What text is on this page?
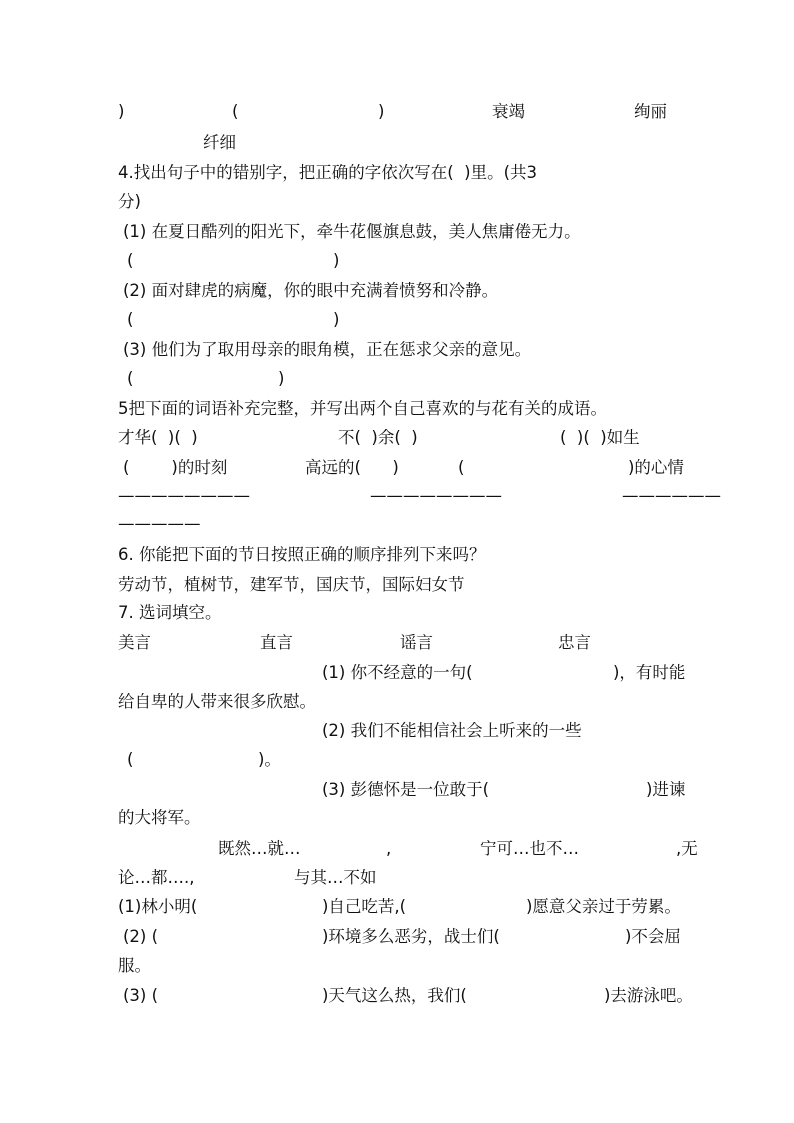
)	(	)	衰竭	绚丽
纤细
4.找出句子中的错别字，把正确的字依次写在(  )里。(共3
分)
(1) 在夏日酷列的阳光下，牵牛花偃旗息鼓，美人焦庸倦无力。
(	)
(2) 面对肆虎的病魔，你的眼中充满着愤努和冷静。
(	)
(3) 他们为了取用母亲的眼角模，正在惩求父亲的意见。
(	)
5把下面的词语补充完整，并写出两个自己喜欢的与花有关的成语。
才华(  )(  )	不(  )余(  )	(  )(  )如生
(        )的时刻	高远的(      )	(	)的心情
————————	————————	——————
—————
6. 你能把下面的节日按照正确的顺序排列下来吗？
劳动节，植树节，建军节，国庆节，国际妇女节
7. 选词填空。
美言	直言	谣言	忠言
(1) 你不经意的一句(	)，有时能
给自卑的人带来很多欣慰。
(2) 我们不能相信社会上听来的一些
(	)。
(3) 彭德怀是一位敢于(	)进谏
的大将军。
既然…就…	,	宁可…也不…	,无
论…都….,	与其…不如
(1)林小明(	)自己吃苦,(	)愿意父亲过于劳累。
(2) (	)环境多么恶劣，战士们(	)不会屈
服。
(3) (	)天气这么热，我们(	)去游泳吧。
